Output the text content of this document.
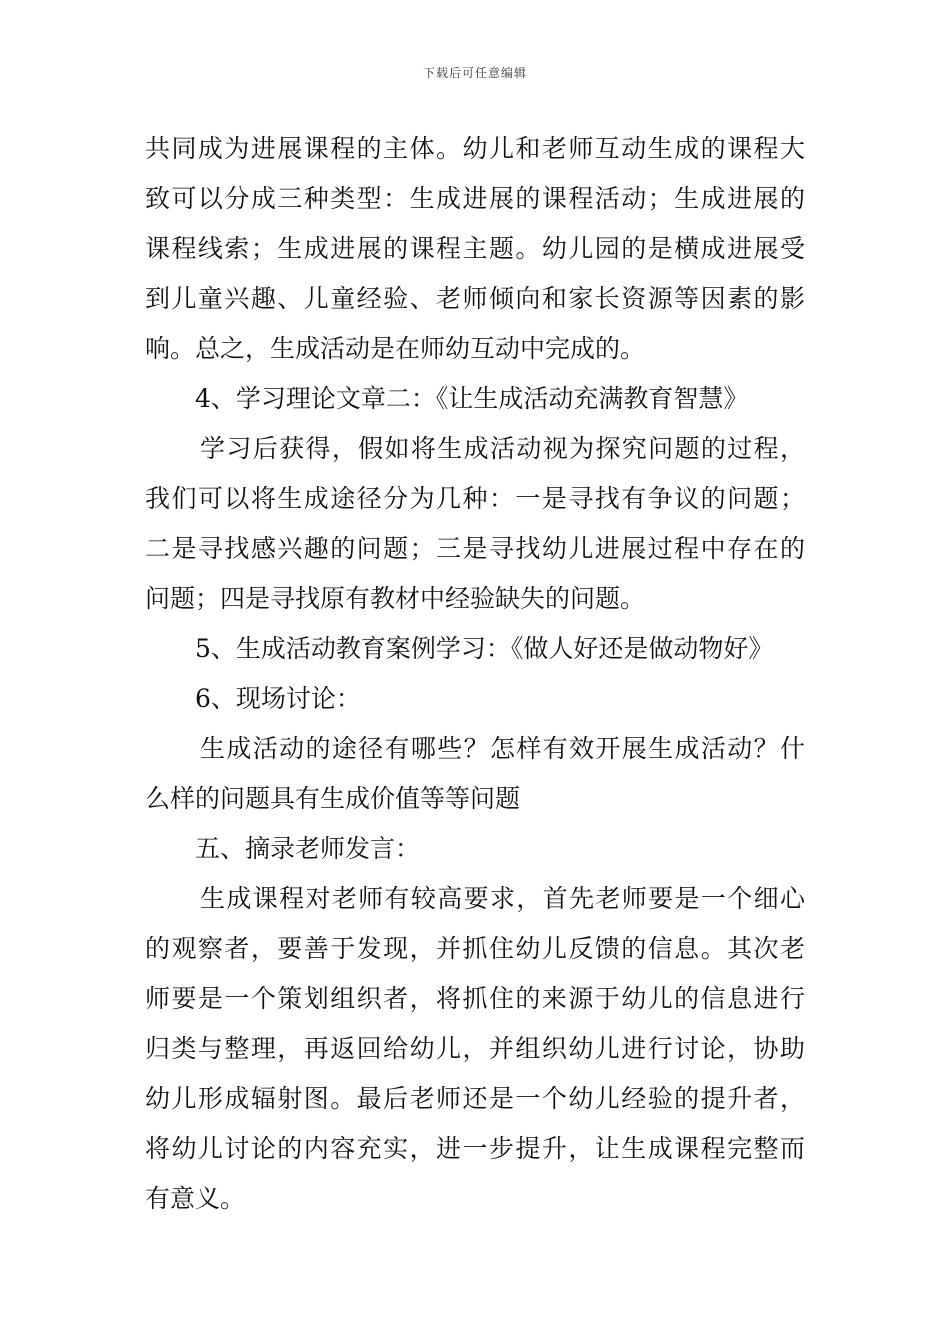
下载后可任意编辑
共同成为进展课程的主体。幼儿和老师互动生成的课程大
致可以分成三种类型：生成进展的课程活动；生成进展的
课程线索；生成进展的课程主题。幼儿园的是横成进展受
到儿童兴趣、儿童经验、老师倾向和家长资源等因素的影
响。总之，生成活动是在师幼互动中完成的。
4、学习理论文章二：《让生成活动充满教育智慧》
学习后获得，假如将生成活动视为探究问题的过程，
我们可以将生成途径分为几种：一是寻找有争议的问题；
二是寻找感兴趣的问题；三是寻找幼儿进展过程中存在的
问题；四是寻找原有教材中经验缺失的问题。
5、生成活动教育案例学习：《做人好还是做动物好》
6、现场讨论：
生成活动的途径有哪些？怎样有效开展生成活动？什
么样的问题具有生成价值等等问题
五、摘录老师发言：
生成课程对老师有较高要求，首先老师要是一个细心
的观察者，要善于发现，并抓住幼儿反馈的信息。其次老
师要是一个策划组织者，将抓住的来源于幼儿的信息进行
归类与整理，再返回给幼儿，并组织幼儿进行讨论，协助
幼儿形成辐射图。最后老师还是一个幼儿经验的提升者，
将幼儿讨论的内容充实，进一步提升，让生成课程完整而
有意义。
